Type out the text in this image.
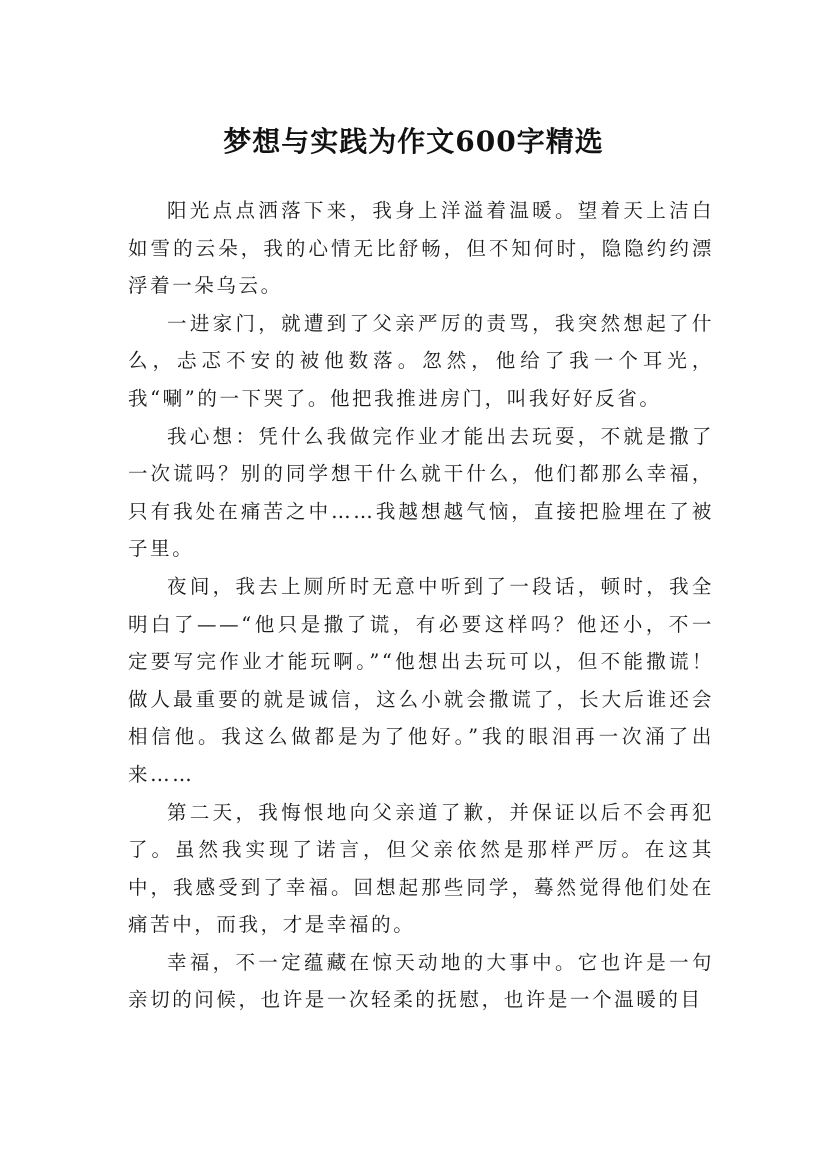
梦想与实践为作文600字精选

阳光点点洒落下来，我身上洋溢着温暖。望着天上洁白如雪的云朵，我的心情无比舒畅，但不知何时，隐隐约约漂浮着一朵乌云。

一进家门，就遭到了父亲严厉的责骂，我突然想起了什么，忐忑不安的被他数落。忽然，他给了我一个耳光，我“唰”的一下哭了。他把我推进房门，叫我好好反省。

我心想：凭什么我做完作业才能出去玩耍，不就是撒了一次谎吗？别的同学想干什么就干什么，他们都那么幸福，只有我处在痛苦之中……我越想越气恼，直接把脸埋在了被子里。

夜间，我去上厕所时无意中听到了一段话，顿时，我全明白了——“他只是撒了谎，有必要这样吗？他还小，不一定要写完作业才能玩啊。”“他想出去玩可以，但不能撒谎！做人最重要的就是诚信，这么小就会撒谎了，长大后谁还会相信他。我这么做都是为了他好。”我的眼泪再一次涌了出来……

第二天，我悔恨地向父亲道了歉，并保证以后不会再犯了。虽然我实现了诺言，但父亲依然是那样严厉。在这其中，我感受到了幸福。回想起那些同学，蓦然觉得他们处在痛苦中，而我，才是幸福的。

幸福，不一定蕴藏在惊天动地的大事中。它也许是一句亲切的问候，也许是一次轻柔的抚慰，也许是一个温暖的目
